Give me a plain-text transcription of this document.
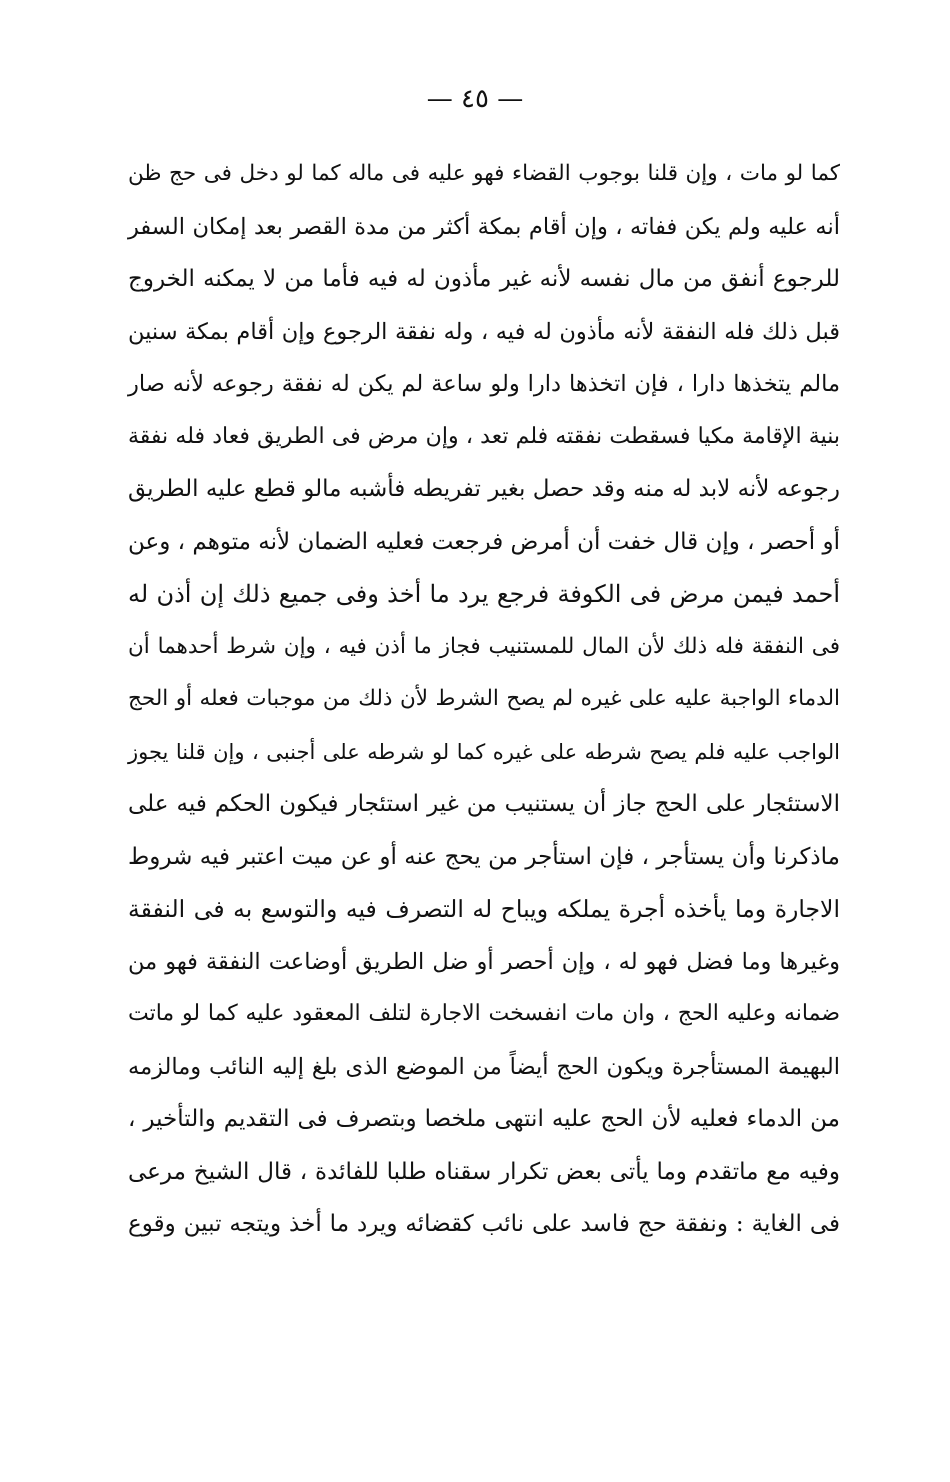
— ٤٥ —
كما لو مات ، وإن قلنا بوجوب القضاء فهو عليه فى ماله كما لو دخل فى حج ظن
أنه عليه ولم يكن ففاته ، وإن أقام بمكة أكثر من مدة القصر بعد إمكان السفر
للرجوع أنفق من مال نفسه لأنه غير مأذون له فيه فأما من لا يمكنه الخروج
قبل ذلك فله النفقة لأنه مأذون له فيه ، وله نفقة الرجوع وإن أقام بمكة سنين
مالم يتخذها دارا ، فإن اتخذها دارا ولو ساعة لم يكن له نفقة رجوعه لأنه صار
بنية الإقامة مكيا فسقطت نفقته فلم تعد ، وإن مرض فى الطريق فعاد فله نفقة
رجوعه لأنه لابد له منه وقد حصل بغير تفريطه فأشبه مالو قطع عليه الطريق
أو أحصر ، وإن قال خفت أن أمرض فرجعت فعليه الضمان لأنه متوهم ، وعن
أحمد فيمن مرض فى الكوفة فرجع يرد ما أخذ وفى جميع ذلك إن أذن له
فى النفقة فله ذلك لأن المال للمستنيب فجاز ما أذن فيه ، وإن شرط أحدهما أن
الدماء الواجبة عليه على غيره لم يصح الشرط لأن ذلك من موجبات فعله أو الحج
الواجب عليه فلم يصح شرطه على غيره كما لو شرطه على أجنبى ، وإن قلنا يجوز
الاستئجار على الحج جاز أن يستنيب من غير استئجار فيكون الحكم فيه على
ماذكرنا وأن يستأجر ، فإن استأجر من يحج عنه أو عن ميت اعتبر فيه شروط
الاجارة وما يأخذه أجرة يملكه ويباح له التصرف فيه والتوسع به فى النفقة
وغيرها وما فضل فهو له ، وإن أحصر أو ضل الطريق أوضاعت النفقة فهو من
ضمانه وعليه الحج ، وان مات انفسخت الاجارة لتلف المعقود عليه كما لو ماتت
البهيمة المستأجرة ويكون الحج أيضاً من الموضع الذى بلغ إليه النائب ومالزمه
من الدماء فعليه لأن الحج عليه انتهى ملخصا وبتصرف فى التقديم والتأخير ،
وفيه مع ماتقدم وما يأتى بعض تكرار سقناه طلبا للفائدة ، قال الشيخ مرعى
فى الغاية : ونفقة حج فاسد على نائب كقضائه ويرد ما أخذ ويتجه تبين وقوع
